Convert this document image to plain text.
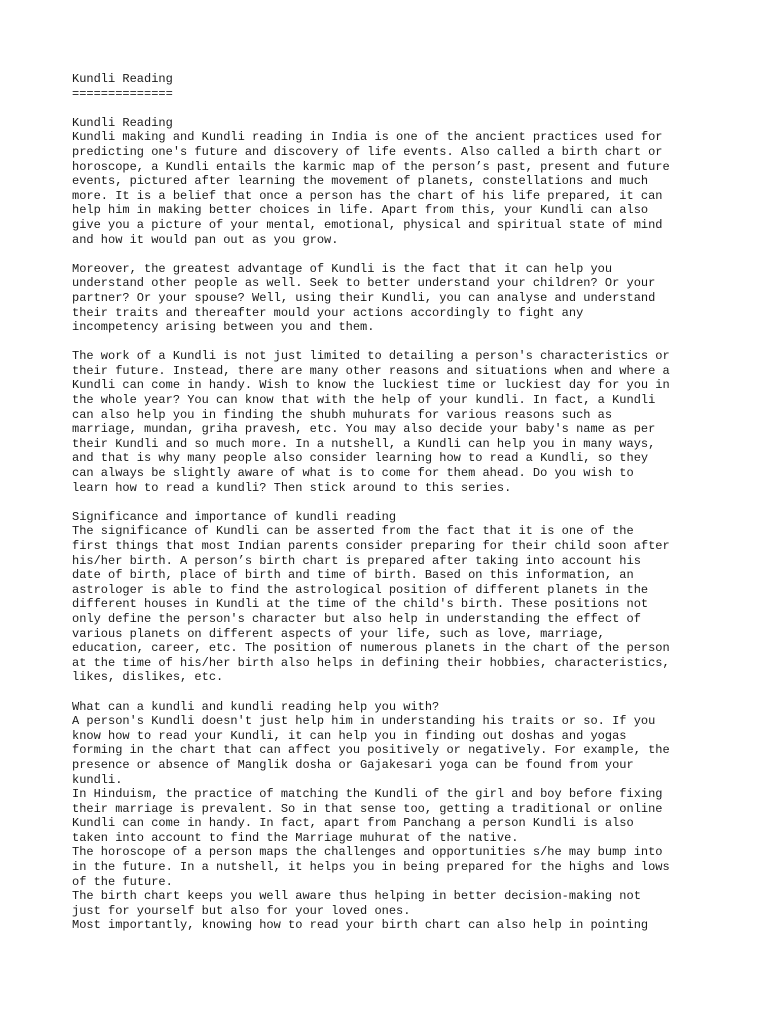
Kundli Reading
==============
Kundli Reading
Kundli making and Kundli reading in India is one of the ancient practices used for
predicting one's future and discovery of life events. Also called a birth chart or
horoscope, a Kundli entails the karmic map of the person’s past, present and future
events, pictured after learning the movement of planets, constellations and much
more. It is a belief that once a person has the chart of his life prepared, it can
help him in making better choices in life. Apart from this, your Kundli can also
give you a picture of your mental, emotional, physical and spiritual state of mind
and how it would pan out as you grow.
Moreover, the greatest advantage of Kundli is the fact that it can help you
understand other people as well. Seek to better understand your children? Or your
partner? Or your spouse? Well, using their Kundli, you can analyse and understand
their traits and thereafter mould your actions accordingly to fight any
incompetency arising between you and them.
The work of a Kundli is not just limited to detailing a person's characteristics or
their future. Instead, there are many other reasons and situations when and where a
Kundli can come in handy. Wish to know the luckiest time or luckiest day for you in
the whole year? You can know that with the help of your kundli. In fact, a Kundli
can also help you in finding the shubh muhurats for various reasons such as
marriage, mundan, griha pravesh, etc. You may also decide your baby's name as per
their Kundli and so much more. In a nutshell, a Kundli can help you in many ways,
and that is why many people also consider learning how to read a Kundli, so they
can always be slightly aware of what is to come for them ahead. Do you wish to
learn how to read a kundli? Then stick around to this series.
Significance and importance of kundli reading
The significance of Kundli can be asserted from the fact that it is one of the
first things that most Indian parents consider preparing for their child soon after
his/her birth. A person’s birth chart is prepared after taking into account his
date of birth, place of birth and time of birth. Based on this information, an
astrologer is able to find the astrological position of different planets in the
different houses in Kundli at the time of the child's birth. These positions not
only define the person's character but also help in understanding the effect of
various planets on different aspects of your life, such as love, marriage,
education, career, etc. The position of numerous planets in the chart of the person
at the time of his/her birth also helps in defining their hobbies, characteristics,
likes, dislikes, etc.
What can a kundli and kundli reading help you with?
A person's Kundli doesn't just help him in understanding his traits or so. If you
know how to read your Kundli, it can help you in finding out doshas and yogas
forming in the chart that can affect you positively or negatively. For example, the
presence or absence of Manglik dosha or Gajakesari yoga can be found from your
kundli.
In Hinduism, the practice of matching the Kundli of the girl and boy before fixing
their marriage is prevalent. So in that sense too, getting a traditional or online
Kundli can come in handy. In fact, apart from Panchang a person Kundli is also
taken into account to find the Marriage muhurat of the native.
The horoscope of a person maps the challenges and opportunities s/he may bump into
in the future. In a nutshell, it helps you in being prepared for the highs and lows
of the future.
The birth chart keeps you well aware thus helping in better decision-making not
just for yourself but also for your loved ones.
Most importantly, knowing how to read your birth chart can also help in pointing
